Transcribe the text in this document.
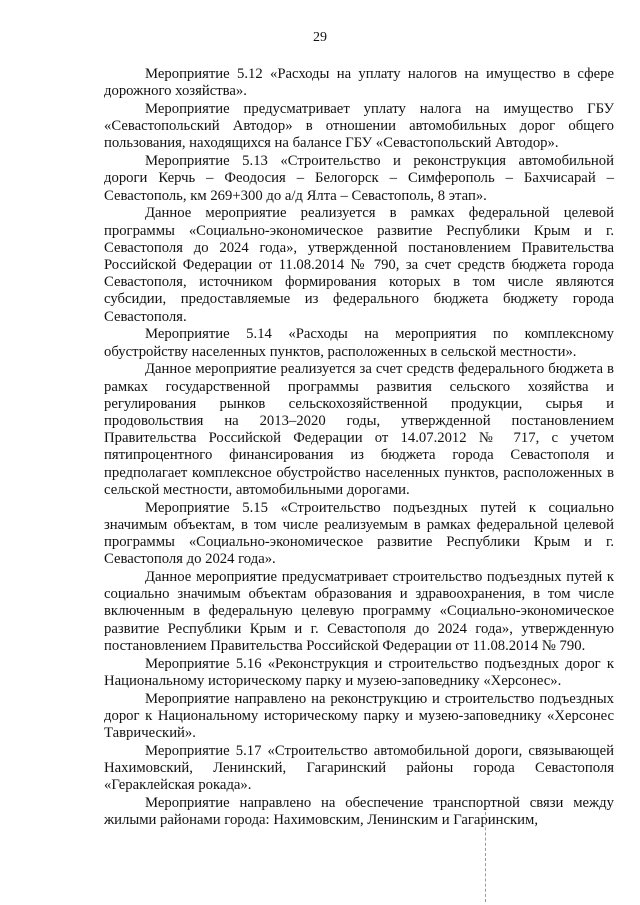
29

Мероприятие 5.12 «Расходы на уплату налогов на имущество в сфере дорожного хозяйства».

Мероприятие предусматривает уплату налога на имущество ГБУ «Севастопольский Автодор» в отношении автомобильных дорог общего пользования, находящихся на балансе ГБУ «Севастопольский Автодор».

Мероприятие 5.13 «Строительство и реконструкция автомобильной дороги Керчь – Феодосия – Белогорск – Симферополь – Бахчисарай – Севастополь, км 269+300 до а/д Ялта – Севастополь, 8 этап».

Данное мероприятие реализуется в рамках федеральной целевой программы «Социально-экономическое развитие Республики Крым и г. Севастополя до 2024 года», утвержденной постановлением Правительства Российской Федерации от 11.08.2014 № 790, за счет средств бюджета города Севастополя, источником формирования которых в том числе являются субсидии, предоставляемые из федерального бюджета бюджету города Севастополя.

Мероприятие 5.14 «Расходы на мероприятия по комплексному обустройству населенных пунктов, расположенных в сельской местности».

Данное мероприятие реализуется за счет средств федерального бюджета в рамках государственной программы развития сельского хозяйства и регулирования рынков сельскохозяйственной продукции, сырья и продовольствия на 2013–2020 годы, утвержденной постановлением Правительства Российской Федерации от 14.07.2012 № 717, с учетом пятипроцентного финансирования из бюджета города Севастополя и предполагает комплексное обустройство населенных пунктов, расположенных в сельской местности, автомобильными дорогами.

Мероприятие 5.15 «Строительство подъездных путей к социально значимым объектам, в том числе реализуемым в рамках федеральной целевой программы «Социально-экономическое развитие Республики Крым и г. Севастополя до 2024 года».

Данное мероприятие предусматривает строительство подъездных путей к социально значимым объектам образования и здравоохранения, в том числе включенным в федеральную целевую программу «Социально-экономическое развитие Республики Крым и г. Севастополя до 2024 года», утвержденную постановлением Правительства Российской Федерации от 11.08.2014 № 790.

Мероприятие 5.16 «Реконструкция и строительство подъездных дорог к Национальному историческому парку и музею-заповеднику «Херсонес».

Мероприятие направлено на реконструкцию и строительство подъездных дорог к Национальному историческому парку и музею-заповеднику «Херсонес Таврический».

Мероприятие 5.17 «Строительство автомобильной дороги, связывающей Нахимовский, Ленинский, Гагаринский районы города Севастополя «Гераклейская рокада».

Мероприятие направлено на обеспечение транспортной связи между жилыми районами города: Нахимовским, Ленинским и Гагаринским,
